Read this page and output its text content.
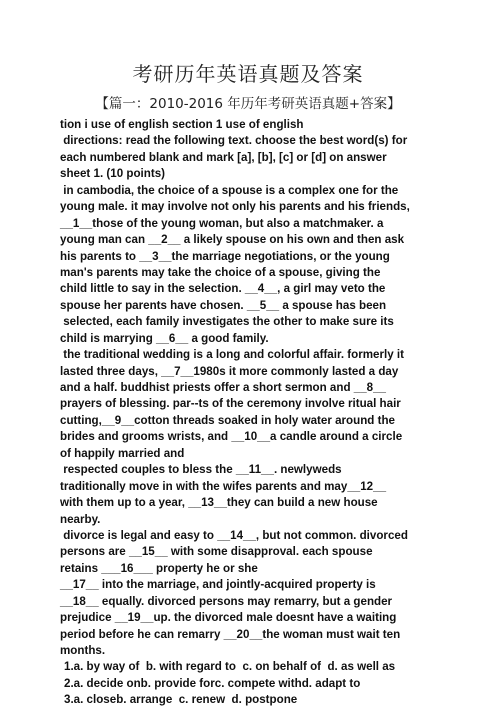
考研历年英语真题及答案
【篇一：2010-2016 年历年考研英语真题+答案】
tion i use of english section 1 use of english
directions: read the following text. choose the best word(s) for
each numbered blank and mark [a], [b], [c] or [d] on answer
sheet 1. (10 points)
in cambodia, the choice of a spouse is a complex one for the
young male. it may involve not only his parents and his friends,
__1__those of the young woman, but also a matchmaker. a
young man can __2__ a likely spouse on his own and then ask
his parents to __3__the marriage negotiations, or the young
man's parents may take the choice of a spouse, giving the
child little to say in the selection. __4__, a girl may veto the
spouse her parents have chosen. __5__ a spouse has been
selected, each family investigates the other to make sure its
child is marrying __6__ a good family.
the traditional wedding is a long and colorful affair. formerly it
lasted three days, __7__1980s it more commonly lasted a day
and a half. buddhist priests offer a short sermon and __8__
prayers of blessing. par--ts of the ceremony involve ritual hair
cutting,__9__cotton threads soaked in holy water around the
brides and grooms wrists, and __10__a candle around a circle
of happily married and
respected couples to bless the __11__. newlyweds
traditionally move in with the wifes parents and may__12__
with them up to a year, __13__they can build a new house
nearby.
divorce is legal and easy to __14__, but not common. divorced
persons are __15__ with some disapproval. each spouse
retains ___16___ property he or she
__17__ into the marriage, and jointly-acquired property is
__18__ equally. divorced persons may remarry, but a gender
prejudice __19__up. the divorced male doesnt have a waiting
period before he can remarry __20__the woman must wait ten
months.
1.a. by way of  b. with regard to  c. on behalf of  d. as well as
2.a. decide onb. provide forc. compete withd. adapt to
3.a. closeb. arrange  c. renew  d. postpone
